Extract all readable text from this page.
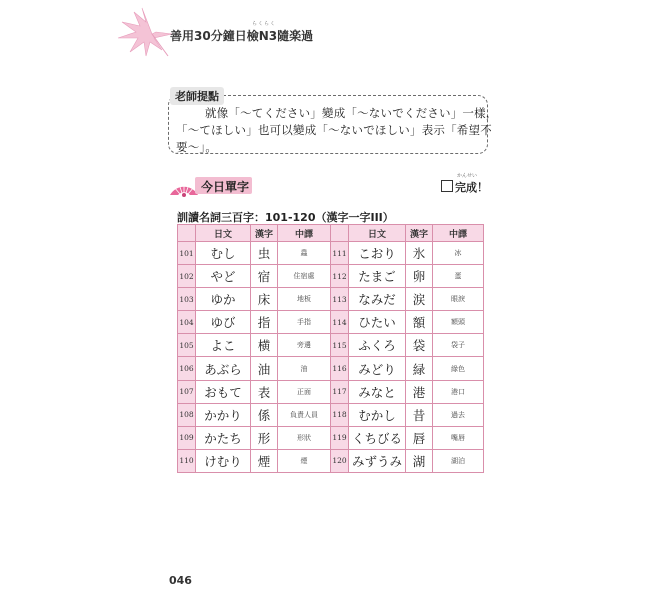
らくらく
善用30分鐘日檢N3隨楽過
老師提點
就像「～てください」變成「～ないでください」一樣，
「～てほしい」也可以變成「～ないでほしい」表示「希望不
要～」。
今日單字
かんせい
完成！
訓讀名詞三百字：101-120（漢字一字III）
	日文	漢字	中譯		日文	漢字	中譯
101	むし	虫	蟲	111	こおり	氷	冰
102	やど	宿	住宿處	112	たまご	卵	蛋
103	ゆか	床	地板	113	なみだ	涙	眼淚
104	ゆび	指	手指	114	ひたい	額	額頭
105	よこ	横	旁邊	115	ふくろ	袋	袋子
106	あぶら	油	油	116	みどり	緑	綠色
107	おもて	表	正面	117	みなと	港	港口
108	かかり	係	負責人員	118	むかし	昔	過去
109	かたち	形	形狀	119	くちびる	唇	嘴唇
110	けむり	煙	煙	120	みずうみ	湖	湖泊
046
